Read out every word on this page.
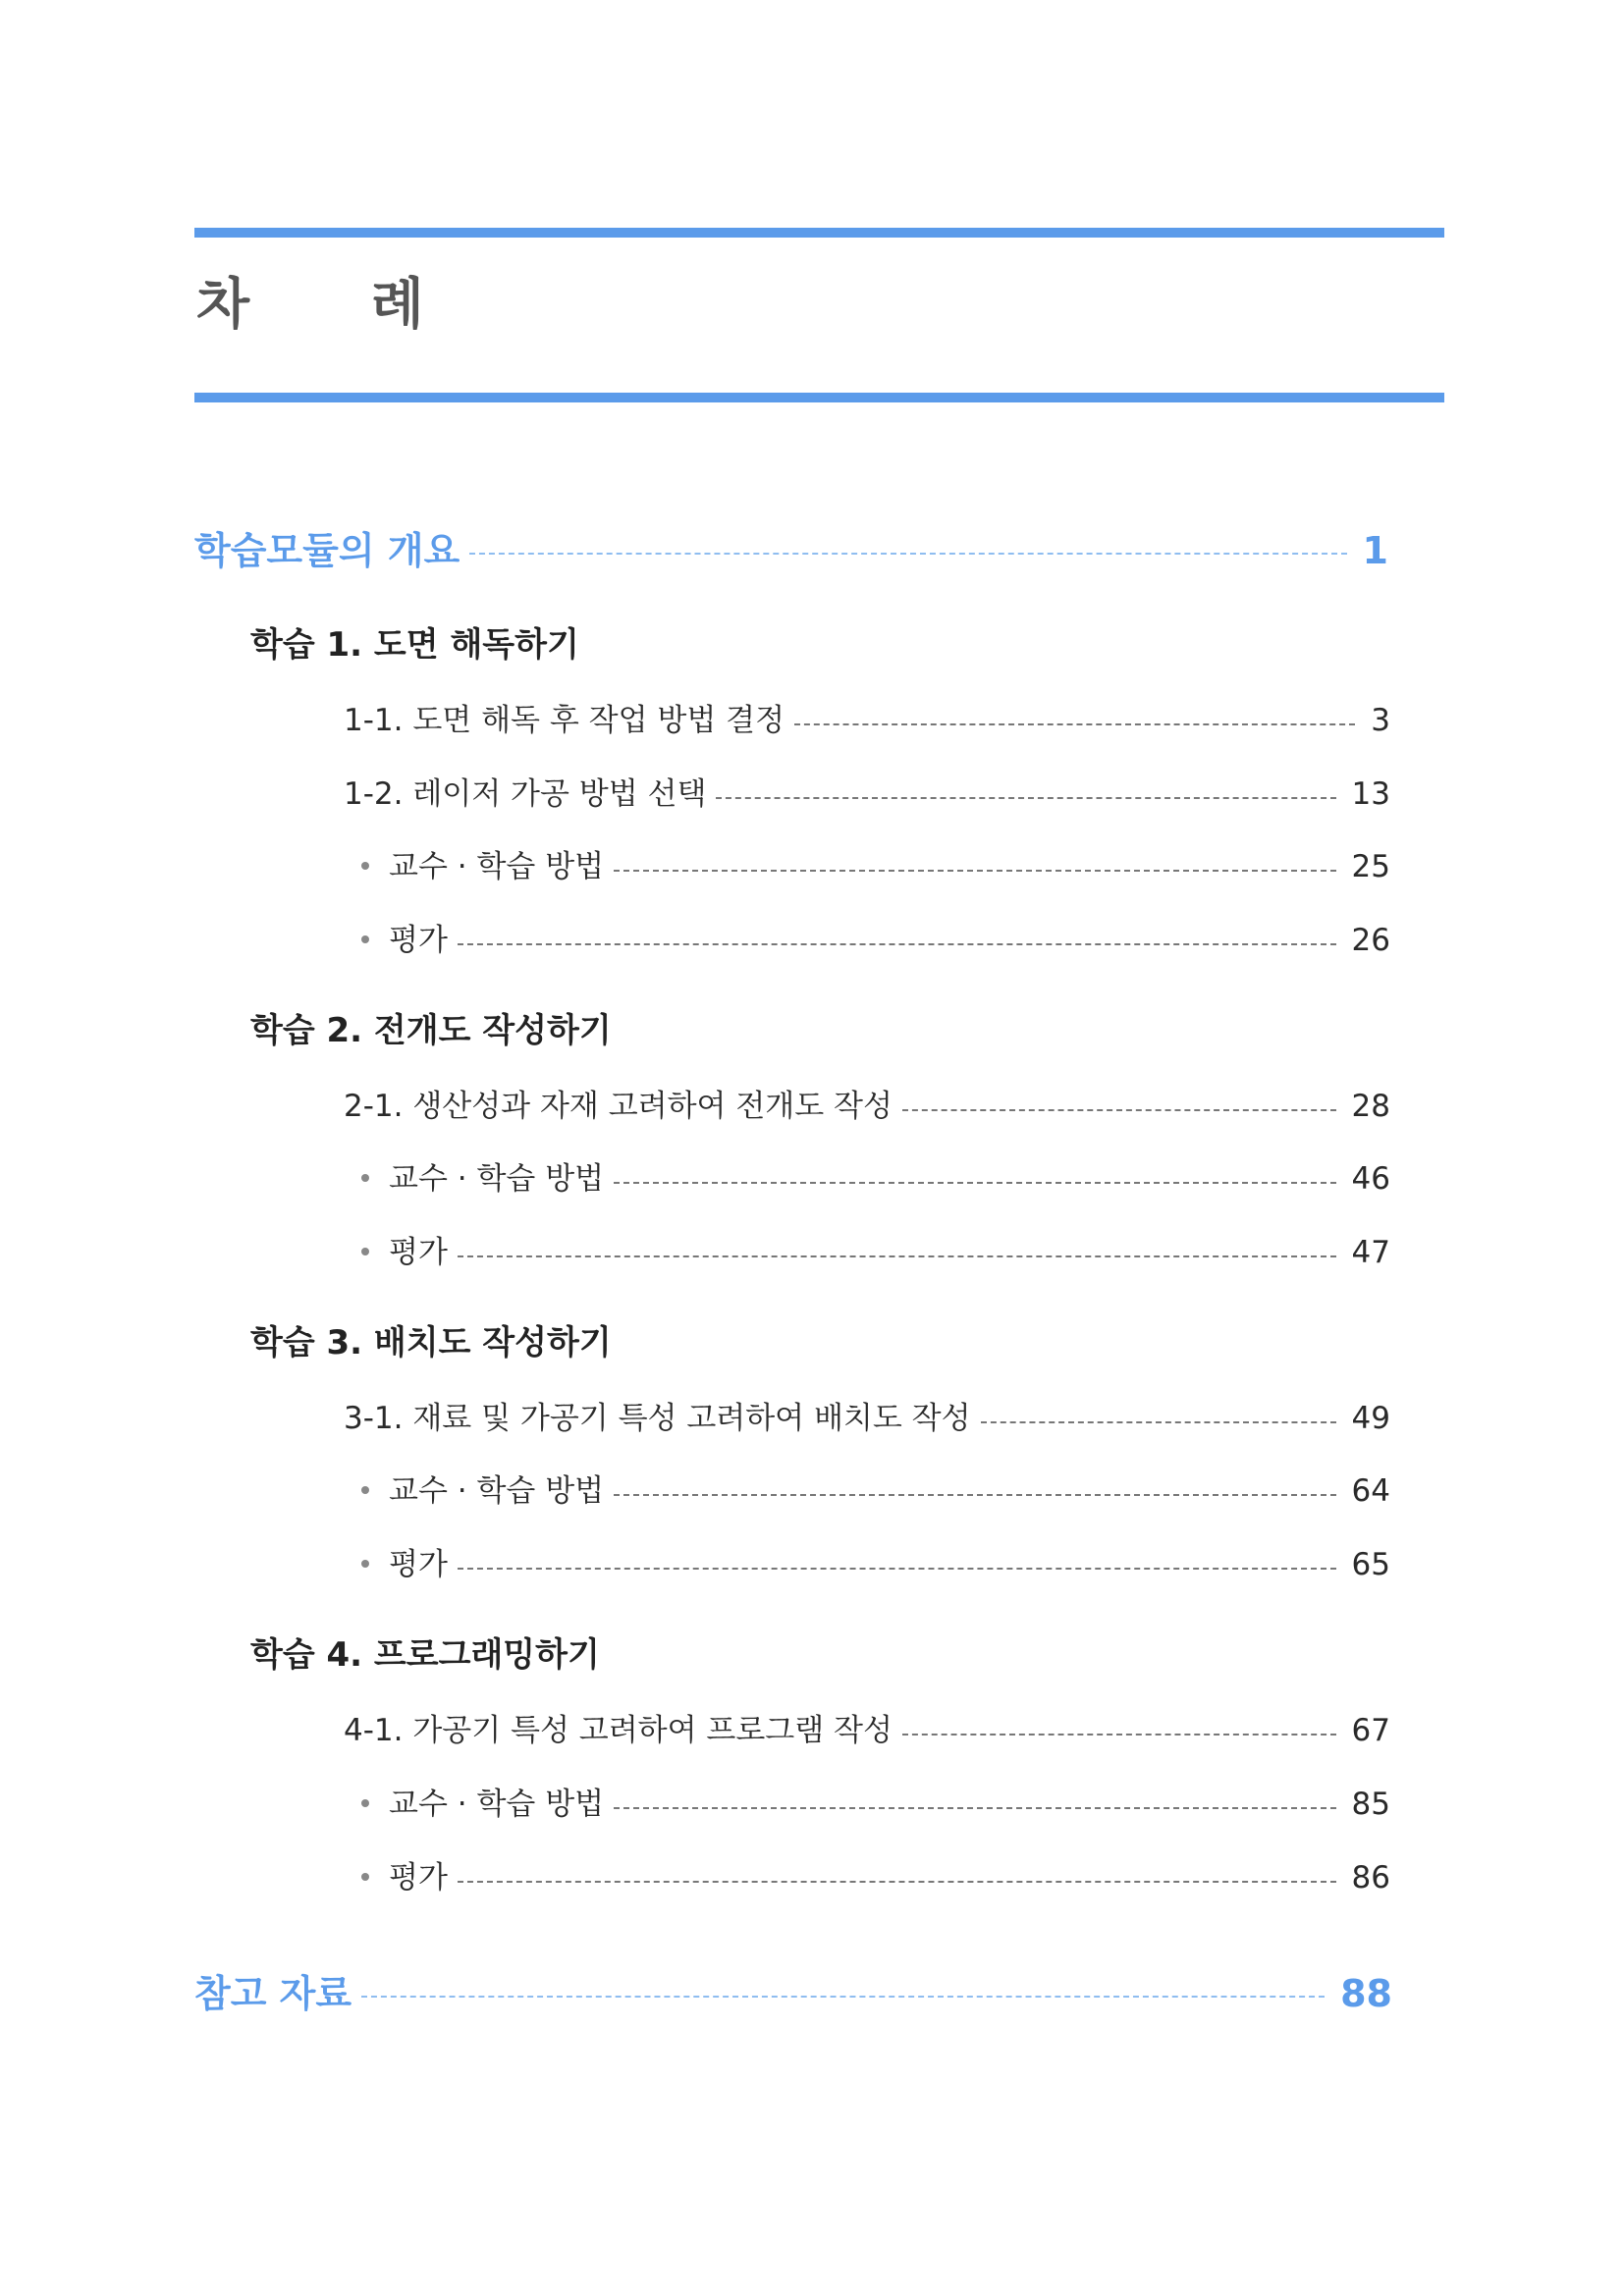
차 례
학습모듈의 개요	1
학습 1. 도면 해독하기
1-1. 도면 해독 후 작업 방법 결정	3
1-2. 레이저 가공 방법 선택	13
교수 · 학습 방법	25
평가	26
학습 2. 전개도 작성하기
2-1. 생산성과 자재 고려하여 전개도 작성	28
교수 · 학습 방법	46
평가	47
학습 3. 배치도 작성하기
3-1. 재료 및 가공기 특성 고려하여 배치도 작성	49
교수 · 학습 방법	64
평가	65
학습 4. 프로그래밍하기
4-1. 가공기 특성 고려하여 프로그램 작성	67
교수 · 학습 방법	85
평가	86
참고 자료	88
